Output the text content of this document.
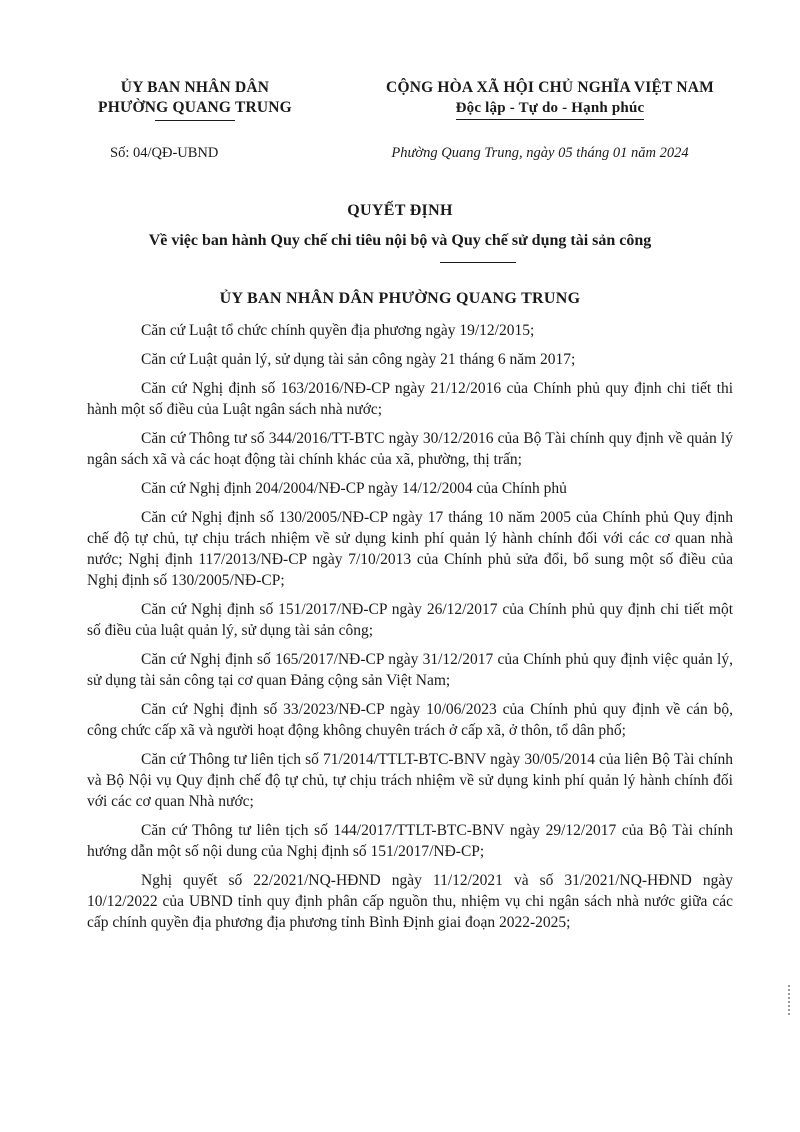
ỦY BAN NHÂN DÂN
PHƯỜNG QUANG TRUNG
CỘNG HÒA XÃ HỘI CHỦ NGHĨA VIỆT NAM
Độc lập - Tự do - Hạnh phúc
Số: 04/QĐ-UBND	Phường Quang Trung, ngày 05 tháng 01 năm 2024
QUYẾT ĐỊNH
Về việc ban hành Quy chế chi tiêu nội bộ và Quy chế sử dụng tài sản công
ỦY BAN NHÂN DÂN PHƯỜNG QUANG TRUNG

Căn cứ Luật tổ chức chính quyền địa phương ngày 19/12/2015;

Căn cứ Luật quản lý, sử dụng tài sản công ngày 21 tháng 6 năm 2017;

Căn cứ Nghị định số 163/2016/NĐ-CP ngày 21/12/2016 của Chính phủ quy định chi tiết thi hành một số điều của Luật ngân sách nhà nước;

Căn cứ Thông tư số 344/2016/TT-BTC ngày 30/12/2016 của Bộ Tài chính quy định về quản lý ngân sách xã và các hoạt động tài chính khác của xã, phường, thị trấn;

Căn cứ Nghị định 204/2004/NĐ-CP ngày 14/12/2004 của Chính phủ

Căn cứ Nghị định số 130/2005/NĐ-CP ngày 17 tháng 10 năm 2005 của Chính phủ Quy định chế độ tự chủ, tự chịu trách nhiệm về sử dụng kinh phí quản lý hành chính đối với các cơ quan nhà nước; Nghị định 117/2013/NĐ-CP ngày 7/10/2013 của Chính phủ sửa đổi, bổ sung một số điều của Nghị định số 130/2005/NĐ-CP;

Căn cứ Nghị định số 151/2017/NĐ-CP ngày 26/12/2017 của Chính phủ quy định chi tiết một số điều của luật quản lý, sử dụng tài sản công;

Căn cứ Nghị định số 165/2017/NĐ-CP ngày 31/12/2017 của Chính phủ quy định việc quản lý, sử dụng tài sản công tại cơ quan Đảng cộng sản Việt Nam;

Căn cứ Nghị định số 33/2023/NĐ-CP ngày 10/06/2023 của Chính phủ quy định về cán bộ, công chức cấp xã và người hoạt động không chuyên trách ở cấp xã, ở thôn, tổ dân phố;

Căn cứ Thông tư liên tịch số 71/2014/TTLT-BTC-BNV ngày 30/05/2014 của liên Bộ Tài chính và Bộ Nội vụ Quy định chế độ tự chủ, tự chịu trách nhiệm về sử dụng kinh phí quản lý hành chính đối với các cơ quan Nhà nước;

Căn cứ Thông tư liên tịch số 144/2017/TTLT-BTC-BNV ngày 29/12/2017 của Bộ Tài chính hướng dẫn một số nội dung của Nghị định số 151/2017/NĐ-CP;

Nghị quyết số 22/2021/NQ-HĐND ngày 11/12/2021 và số 31/2021/NQ-HĐND ngày 10/12/2022 của UBND tỉnh quy định phân cấp nguồn thu, nhiệm vụ chi ngân sách nhà nước giữa các cấp chính quyền địa phương địa phương tỉnh Bình Định giai đoạn 2022-2025;
